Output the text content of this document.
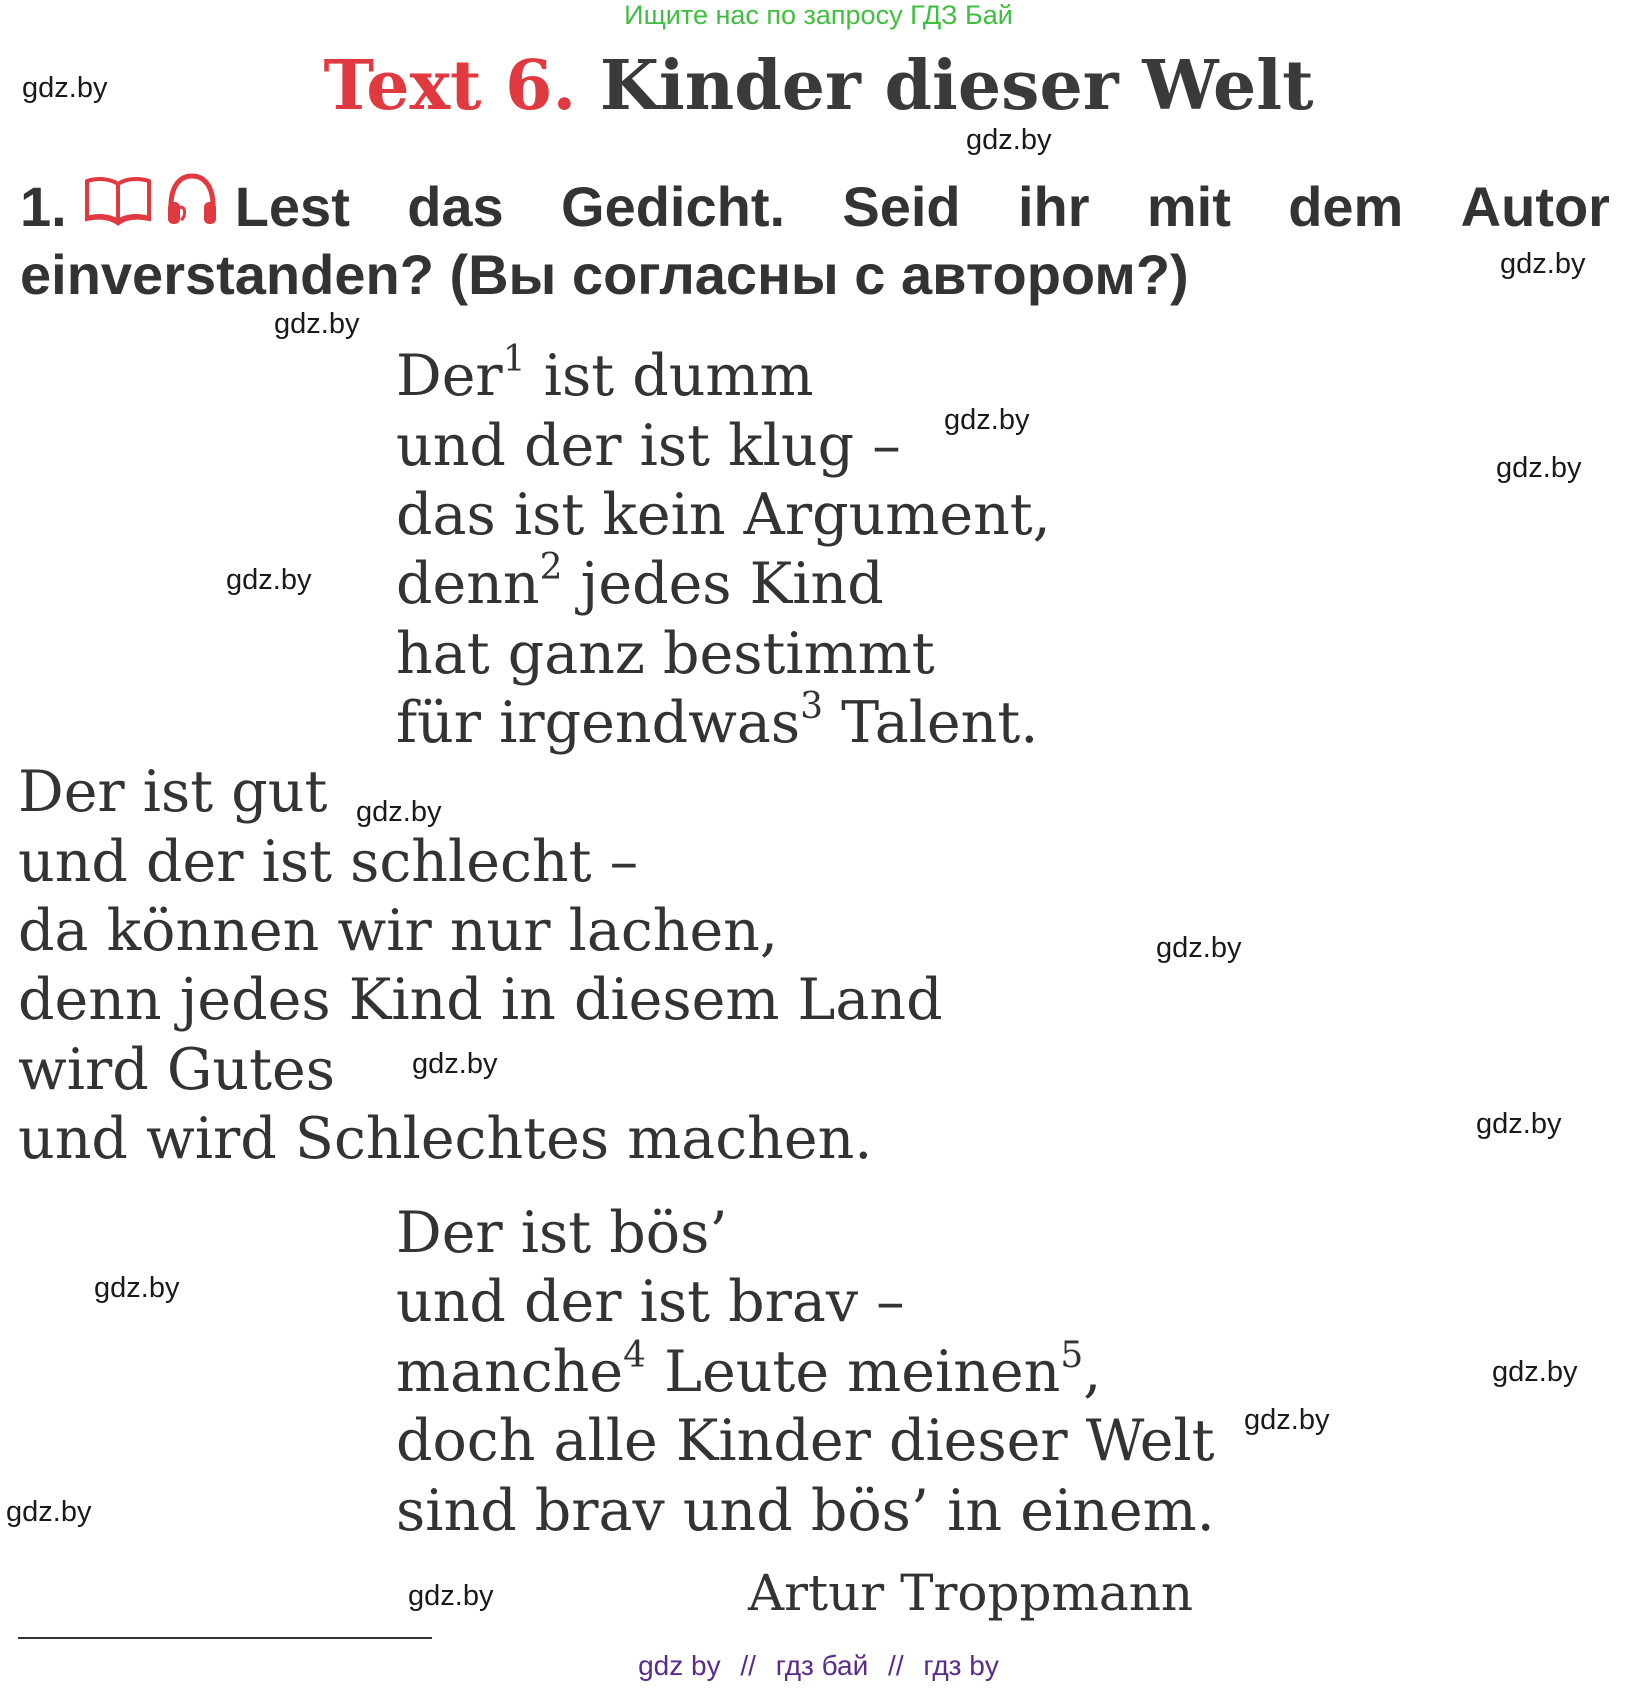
Ищите нас по запросу ГДЗ Бай
Text 6. Kinder dieser Welt
1.	Lest das Gedicht. Seid ihr mit dem Autor
einverstanden? (Вы согласны с автором?)
Der$^1$ ist dumm
und der ist klug –
das ist kein Argument,
denn$^2$ jedes Kind
hat ganz bestimmt
für irgendwas$^3$ Talent.
Der ist gut
und der ist schlecht –
da können wir nur lachen,
denn jedes Kind in diesem Land
wird Gutes
und wird Schlechtes machen.
Der ist bös’
und der ist brav –
manche$^4$ Leute meinen$^5$,
doch alle Kinder dieser Welt
sind brav und bös’ in einem.
Artur Troppmann
gdz.by
gdz.by
gdz.by
gdz.by
gdz.by
gdz.by
gdz.by
gdz.by
gdz.by
gdz.by
gdz.by
gdz.by
gdz.by
gdz.by
gdz.by
gdz.by
gdz by // гдз бай // гдз by
